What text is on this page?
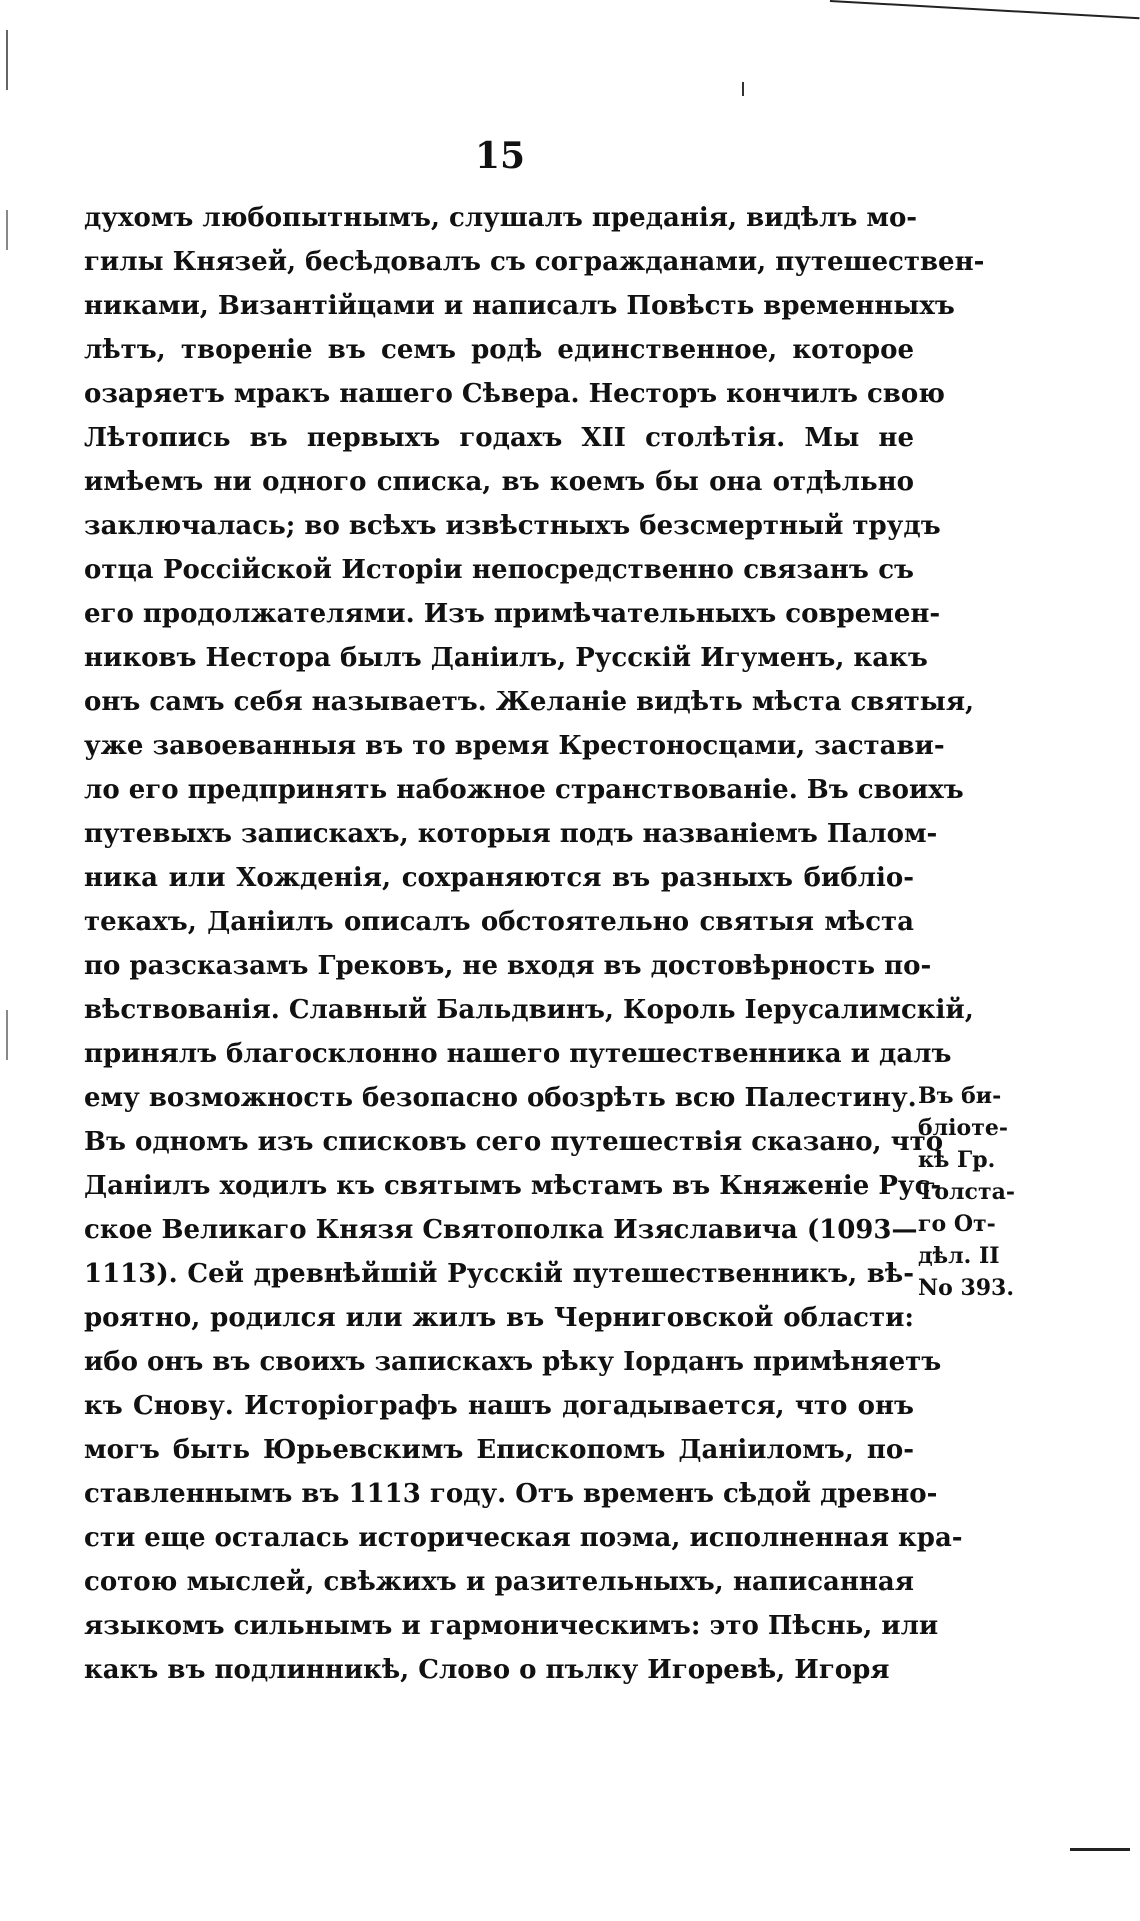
15
духомъ любопытнымъ, слушалъ преданія, видѣлъ мо-
гилы Князей, бесѣдовалъ съ согражданами, путешествен-
никами, Византійцами и написалъ Повѣсть временныхъ
лѣтъ, твореніе въ семъ родѣ единственное, которое
озаряетъ мракъ нашего Сѣвера. Несторъ кончилъ свою
Лѣтопись въ первыхъ годахъ XII столѣтія. Мы не
имѣемъ ни одного списка, въ коемъ бы она отдѣльно
заключалась; во всѣхъ извѣстныхъ безсмертный трудъ
отца Россійской Исторіи непосредственно связанъ съ
его продолжателями. Изъ примѣчательныхъ современ-
никовъ Нестора былъ Даніилъ, Русскій Игуменъ, какъ
онъ самъ себя называетъ. Желаніе видѣть мѣста святыя,
уже завоеванныя въ то время Крестоносцами, застави-
ло его предпринять набожное странствованіе. Въ своихъ
путевыхъ запискахъ, которыя подъ названіемъ Палом-
ника или Хожденія, сохраняются въ разныхъ библіо-
текахъ, Даніилъ описалъ обстоятельно святыя мѣста
по разсказамъ Грековъ, не входя въ достовѣрность по-
вѣствованія. Славный Бальдвинъ, Король Іерусалимскій,
принялъ благосклонно нашего путешественника и далъ
ему возможность безопасно обозрѣть всю Палестину.
Въ одномъ изъ списковъ сего путешествія сказано, что
Даніилъ ходилъ къ святымъ мѣстамъ въ Княженіе Рус-
ское Великаго Князя Святополка Изяславича (1093—
1113). Сей древнѣйшій Русскій путешественникъ, вѣ-
роятно, родился или жилъ въ Черниговской области:
ибо онъ въ своихъ запискахъ рѣку Іорданъ примѣняетъ
къ Снову. Исторіографъ нашъ догадывается, что онъ
могъ быть Юрьевскимъ Епископомъ Даніиломъ, по-
ставленнымъ въ 1113 году. Отъ временъ сѣдой древно-
сти еще осталась историческая поэма, исполненная кра-
сотою мыслей, свѣжихъ и разительныхъ, написанная
языкомъ сильнымъ и гармоническимъ: это Пѣснь, или
какъ въ подлинникѣ, Слово о пълку Игоревѣ, Игоря
Въ би-
бліоте-
кѣ Гр.
Толста-
го От-
дѣл. II
No 393.
